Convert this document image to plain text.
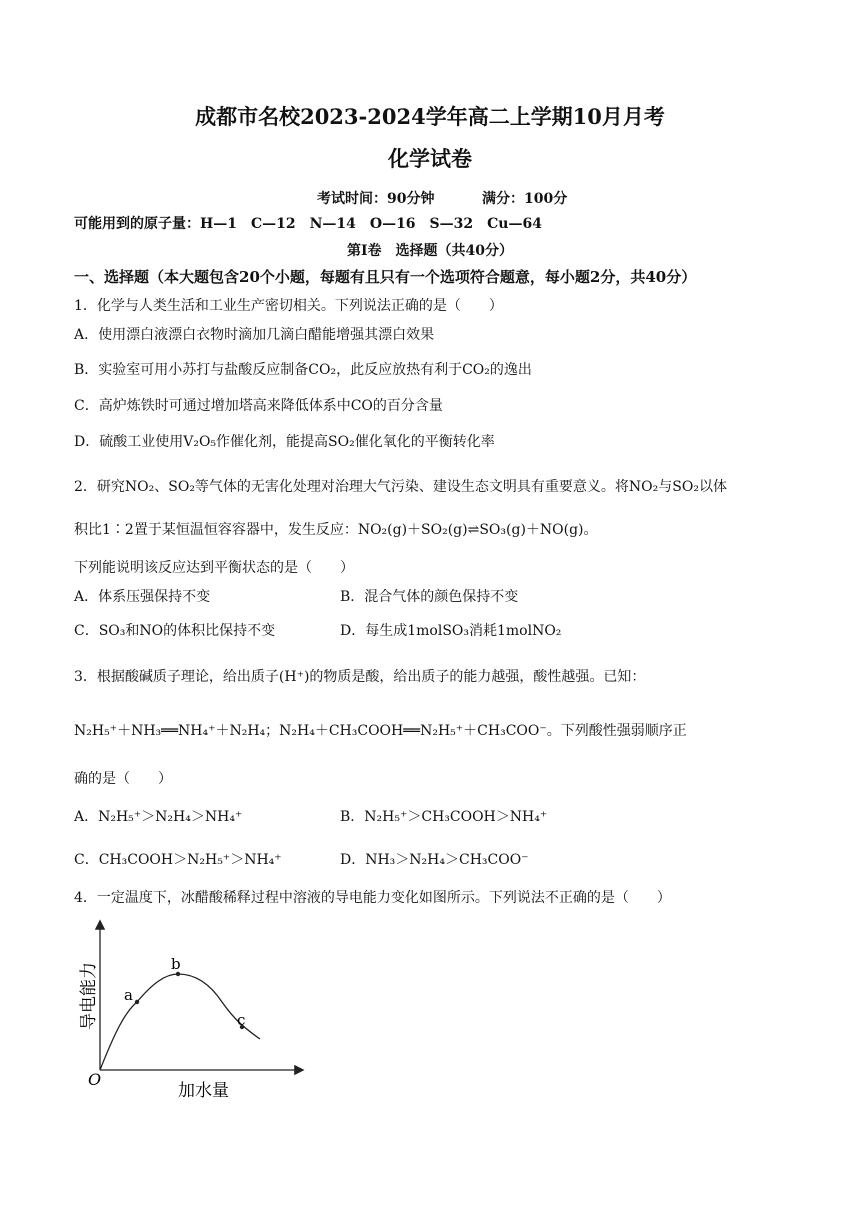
成都市名校2023-2024学年高二上学期10月月考
化学试卷
考试时间：90分钟	满分：100分
可能用到的原子量：H—1　C—12　N—14　O—16　S—32　Cu—64
第Ⅰ卷　选择题（共40分）
一、选择题（本大题包含20个小题，每题有且只有一个选项符合题意，每小题2分，共40分）
1．化学与人类生活和工业生产密切相关。下列说法正确的是（　　）
A．使用漂白液漂白衣物时滴加几滴白醋能增强其漂白效果
B．实验室可用小苏打与盐酸反应制备CO₂，此反应放热有利于CO₂的逸出
C．高炉炼铁时可通过增加塔高来降低体系中CO的百分含量
D．硫酸工业使用V₂O₅作催化剂，能提高SO₂催化氧化的平衡转化率
2．研究NO₂、SO₂等气体的无害化处理对治理大气污染、建设生态文明具有重要意义。将NO₂与SO₂以体
积比1∶2置于某恒温恒容容器中，发生反应：NO₂(g)＋SO₂(g)⇌SO₃(g)＋NO(g)。
下列能说明该反应达到平衡状态的是（　　）
A．体系压强保持不变	B．混合气体的颜色保持不变
C．SO₃和NO的体积比保持不变	D．每生成1molSO₃消耗1molNO₂
3．根据酸碱质子理论，给出质子(H⁺)的物质是酸，给出质子的能力越强，酸性越强。已知：
N₂H₅⁺＋NH₃══NH₄⁺＋N₂H₄；N₂H₄＋CH₃COOH══N₂H₅⁺＋CH₃COO⁻。下列酸性强弱顺序正
确的是（　　）
A．N₂H₅⁺＞N₂H₄＞NH₄⁺	B．N₂H₅⁺＞CH₃COOH＞NH₄⁺
C．CH₃COOH＞N₂H₅⁺＞NH₄⁺	D．NH₃＞N₂H₄＞CH₃COO⁻
4．一定温度下，冰醋酸稀释过程中溶液的导电能力变化如图所示。下列说法不正确的是（　　）
a
b
c
O
加水量
导电能力
